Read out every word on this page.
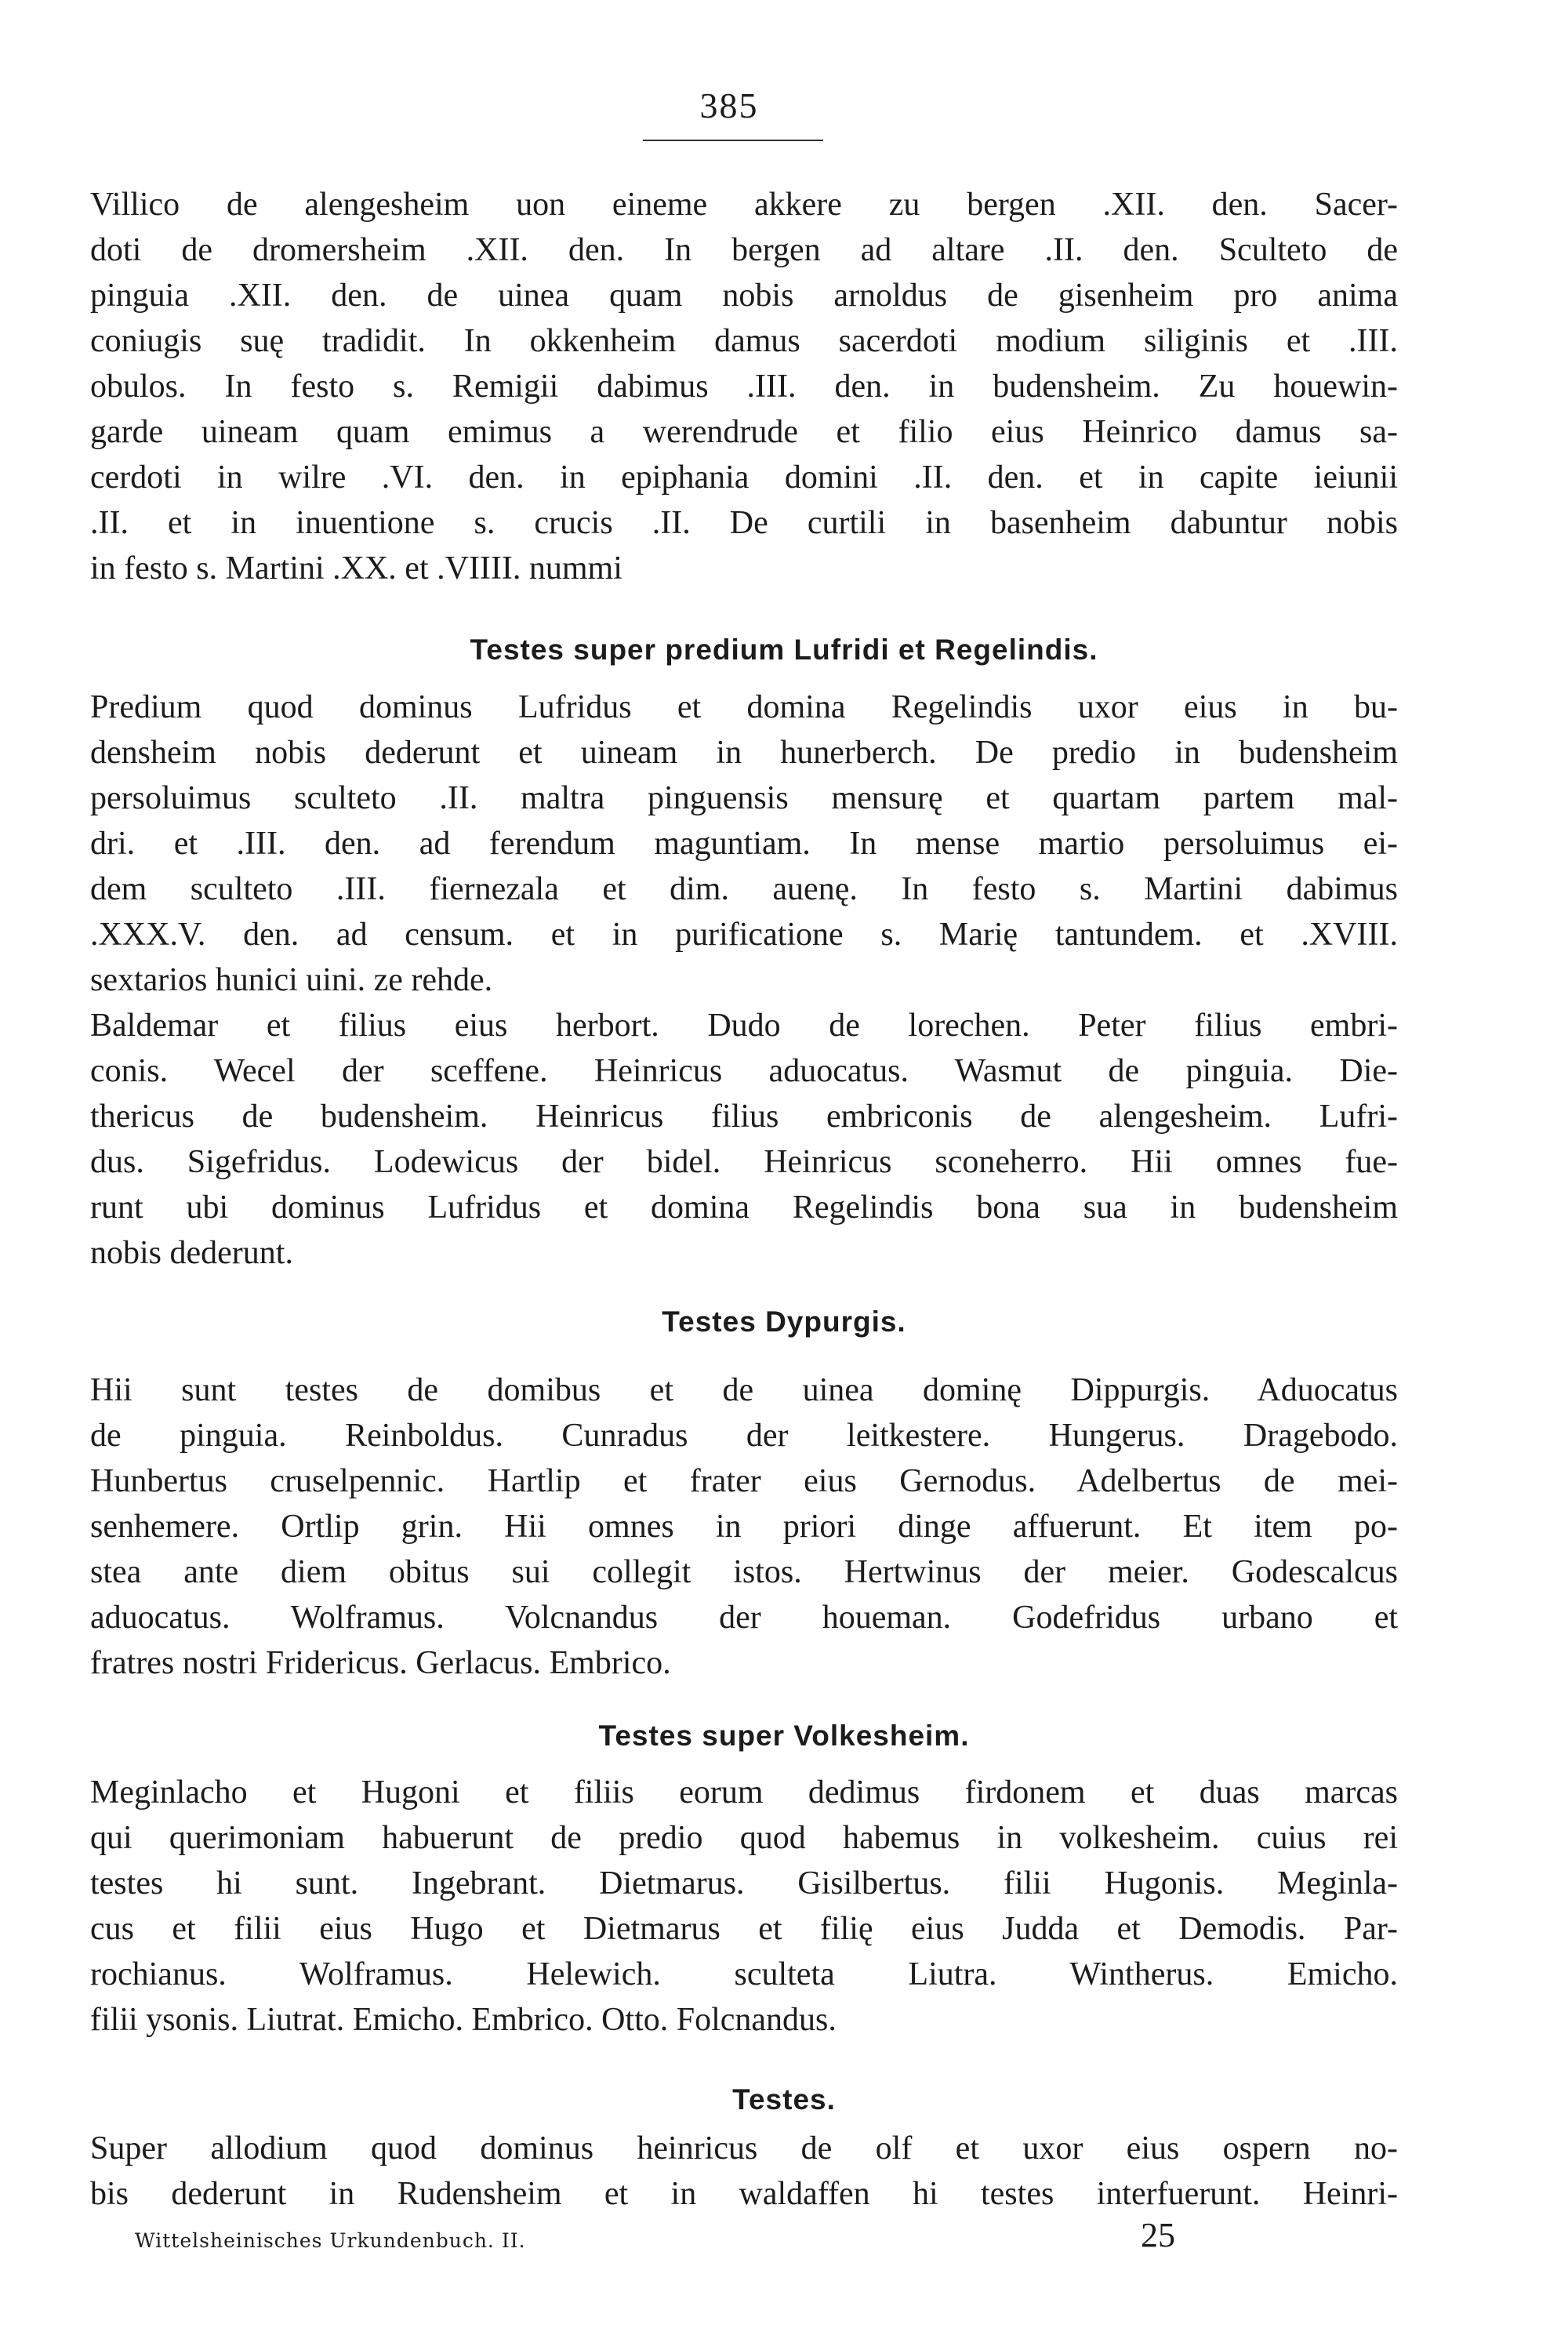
385
Villico de alengesheim uon eineme akkere zu bergen .XII. den. Sacer-
doti de dromersheim .XII. den. In bergen ad altare .II. den. Sculteto de
pinguia .XII. den. de uinea quam nobis arnoldus de gisenheim pro anima
coniugis suę tradidit. In okkenheim damus sacerdoti modium siliginis et .III.
obulos. In festo s. Remigii dabimus .III. den. in budensheim. Zu houewin-
garde uineam quam emimus a werendrude et filio eius Heinrico damus sa-
cerdoti in wilre .VI. den. in epiphania domini .II. den. et in capite ieiunii
.II. et in inuentione s. crucis .II. De curtili in basenheim dabuntur nobis
in festo s. Martini .XX. et .VIIII. nummi
Testes super predium Lufridi et Regelindis.
Predium quod dominus Lufridus et domina Regelindis uxor eius in bu-
densheim nobis dederunt et uineam in hunerberch. De predio in budensheim
persoluimus sculteto .II. maltra pinguensis mensurę et quartam partem mal-
dri. et .III. den. ad ferendum maguntiam. In mense martio persoluimus ei-
dem sculteto .III. fiernezala et dim. auenę. In festo s. Martini dabimus
.XXX.V. den. ad censum. et in purificatione s. Marię tantundem. et .XVIII.
sextarios hunici uini. ze rehde.
Baldemar et filius eius herbort. Dudo de lorechen. Peter filius embri-
conis. Wecel der sceffene. Heinricus aduocatus. Wasmut de pinguia. Die-
thericus de budensheim. Heinricus filius embriconis de alengesheim. Lufri-
dus. Sigefridus. Lodewicus der bidel. Heinricus sconeherro. Hii omnes fue-
runt ubi dominus Lufridus et domina Regelindis bona sua in budensheim
nobis dederunt.
Testes Dypurgis.
Hii sunt testes de domibus et de uinea dominę Dippurgis. Aduocatus
de pinguia. Reinboldus. Cunradus der leitkestere. Hungerus. Dragebodo.
Hunbertus cruselpennic. Hartlip et frater eius Gernodus. Adelbertus de mei-
senhemere. Ortlip grin. Hii omnes in priori dinge affuerunt. Et item po-
stea ante diem obitus sui collegit istos. Hertwinus der meier. Godescalcus
aduocatus. Wolframus. Volcnandus der houeman. Godefridus urbano et
fratres nostri Fridericus. Gerlacus. Embrico.
Testes super Volkesheim.
Meginlacho et Hugoni et filiis eorum dedimus firdonem et duas marcas
qui querimoniam habuerunt de predio quod habemus in volkesheim. cuius rei
testes hi sunt. Ingebrant. Dietmarus. Gisilbertus. filii Hugonis. Meginla-
cus et filii eius Hugo et Dietmarus et filię eius Judda et Demodis. Par-
rochianus. Wolframus. Helewich. sculteta Liutra. Wintherus. Emicho.
filii ysonis. Liutrat. Emicho. Embrico. Otto. Folcnandus.
Testes.
Super allodium quod dominus heinricus de olf et uxor eius ospern no-
bis dederunt in Rudensheim et in waldaffen hi testes interfuerunt. Heinri-
Wittelsheinisches Urkundenbuch. II.	25
-
